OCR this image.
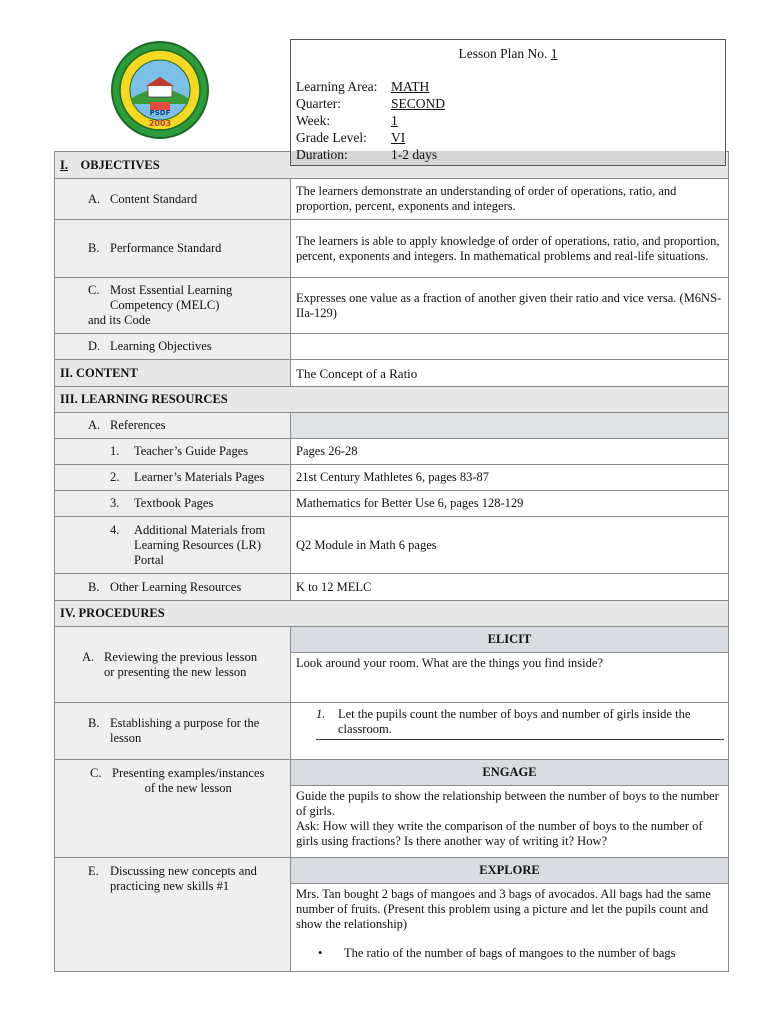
PSDF
2003
Lesson Plan No. 1
Learning Area: MATH
Quarter:	SECOND
Week:	1
Grade Level: VI
Duration:	1-2 days
I. OBJECTIVES	

A. Content Standard	The learners demonstrate an understanding of order of operations, ratio, and proportion, percent, exponents and integers.

B. Performance Standard	The learners is able to apply knowledge of order of operations, ratio, and proportion, percent, exponents and integers. In mathematical problems and real-life situations.

C. Most Essential Learning
Competency (MELC)
and its Code	Expresses one value as a fraction of another given their ratio and vice versa. (M6NS-IIa-129)

D. Learning Objectives	

II. CONTENT	The Concept of a Ratio
III. LEARNING RESOURCES	

A. References	

1. Teacher’s Guide Pages	Pages 26-28

2. Learner’s Materials Pages	21st Century Mathletes 6, pages 83-87

3. Textbook Pages	Mathematics for Better Use 6, pages 128-129

4. Additional Materials from
Learning Resources (LR)
Portal	Q2 Module in Math 6 pages

B. Other Learning Resources	K to 12 MELC
IV. PROCEDURES	

A. Reviewing the previous lesson
or presenting the new lesson	ELICIT
	Look around your room. What are the things you find inside?

B. Establishing a purpose for the
lesson	1. Let the pupils count the number of boys and number of girls inside the classroom.

C. Presenting examples/instances
of the new lesson	ENGAGE
	Guide the pupils to show the relationship between the number of boys to the number of girls.
Ask: How will they write the comparison of the number of boys to the number of girls using fractions? Is there another way of writing it? How?

E. Discussing new concepts and
practicing new skills #1	EXPLORE

	Mrs. Tan bought 2 bags of mangoes and 3 bags of avocados. All bags had the same number of fruits. (Present this problem using a picture and let the pupils count and show the relationship)
• The ratio of the number of bags of mangoes to the number of bags
